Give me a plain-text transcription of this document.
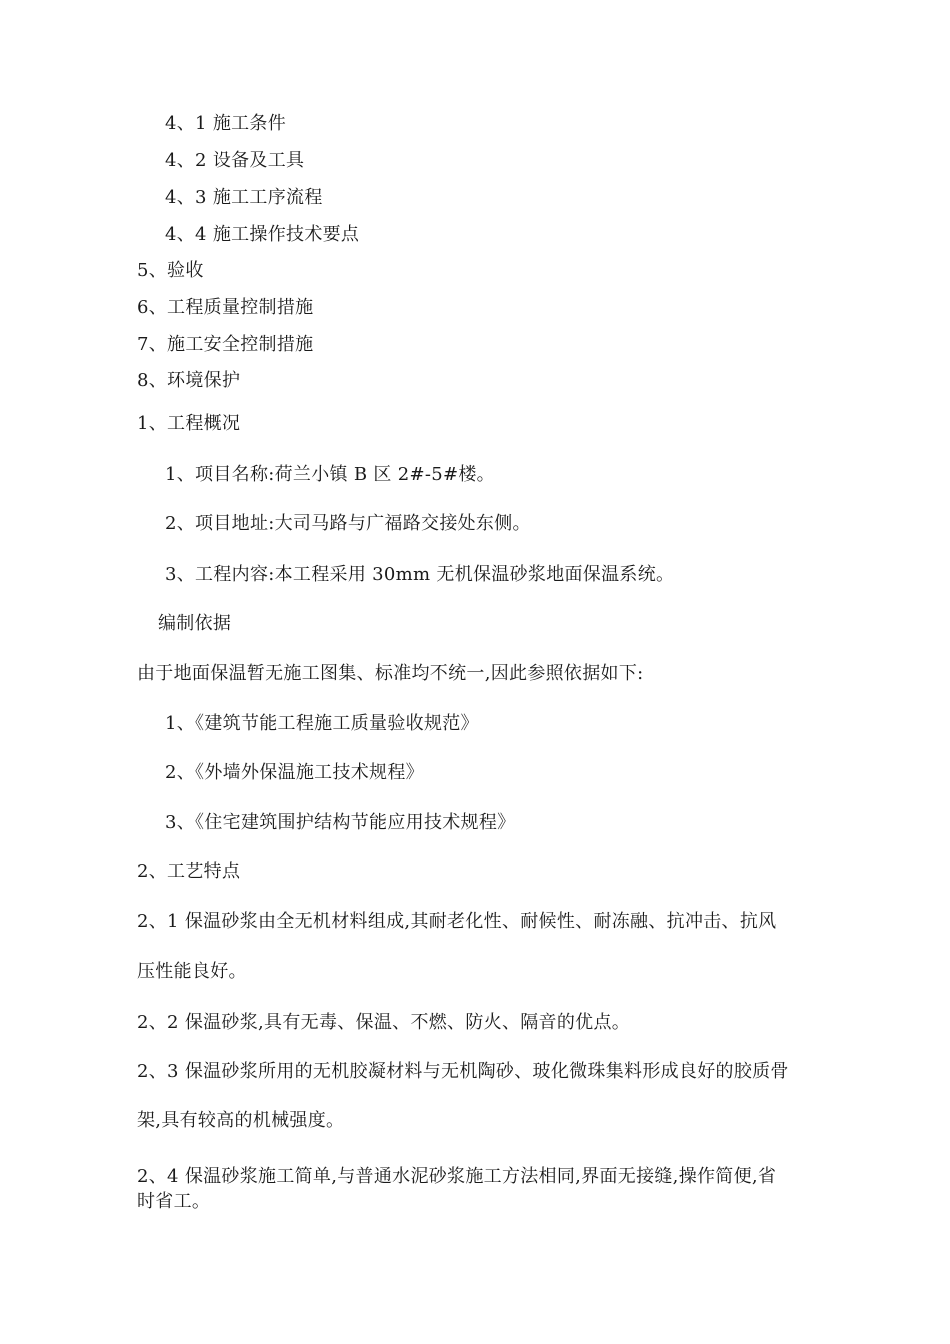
4、1 施工条件
4、2 设备及工具
4、3 施工工序流程
4、4 施工操作技术要点
5、验收
6、工程质量控制措施
7、施工安全控制措施
8、环境保护
1、工程概况
1、项目名称:荷兰小镇 B 区 2#-5#楼。
2、项目地址:大司马路与广福路交接处东侧。
3、工程内容:本工程采用 30mm 无机保温砂浆地面保温系统。
编制依据
由于地面保温暂无施工图集、标准均不统一,因此参照依据如下:
1、《建筑节能工程施工质量验收规范》
2、《外墙外保温施工技术规程》
3、《住宅建筑围护结构节能应用技术规程》
2、工艺特点
2、1 保温砂浆由全无机材料组成,其耐老化性、耐候性、耐冻融、抗冲击、抗风
压性能良好。
2、2 保温砂浆,具有无毒、保温、不燃、防火、隔音的优点。
2、3 保温砂浆所用的无机胶凝材料与无机陶砂、玻化微珠集料形成良好的胶质骨
架,具有较高的机械强度。
2、4 保温砂浆施工简单,与普通水泥砂浆施工方法相同,界面无接缝,操作简便,省
时省工。
